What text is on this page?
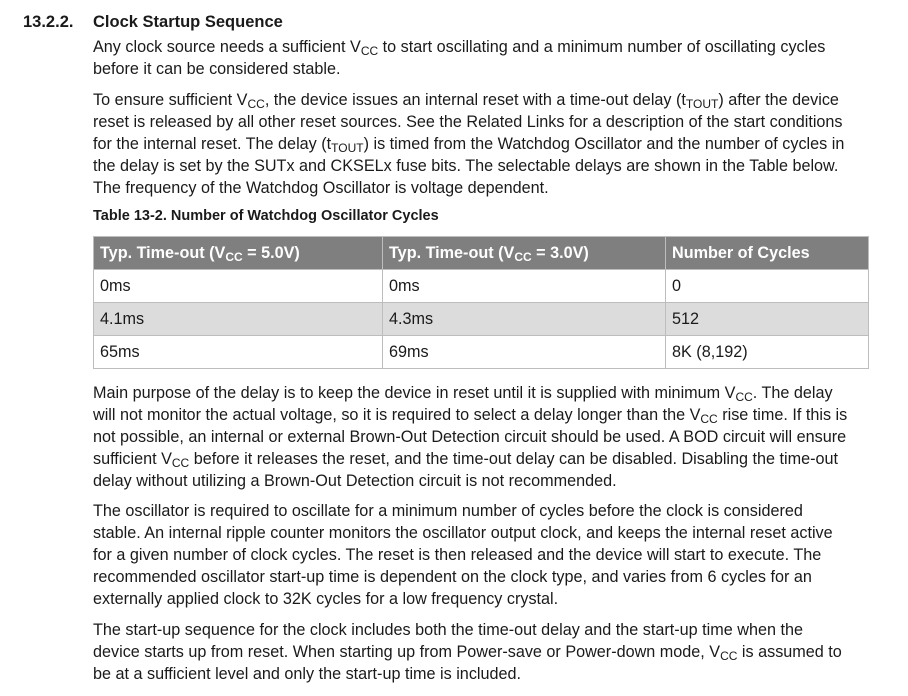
13.2.2. Clock Startup Sequence
Any clock source needs a sufficient $V_{CC}$ to start oscillating and a minimum number of oscillating cycles
before it can be considered stable.
To ensure sufficient $V_{CC}$, the device issues an internal reset with a time-out delay $(t_{TOUT})$ after the device
reset is released by all other reset sources. See the Related Links for a description of the start conditions
for the internal reset. The delay $(t_{TOUT})$ is timed from the Watchdog Oscillator and the number of cycles in
the delay is set by the SUTx and CKSELx fuse bits. The selectable delays are shown in the Table below.
The frequency of the Watchdog Oscillator is voltage dependent.
Table 13-2. Number of Watchdog Oscillator Cycles
Typ. Time-out $(V_{CC} = 5.0V)$	Typ. Time-out $(V_{CC} = 3.0V)$	Number of Cycles
0ms	0ms	0
4.1ms	4.3ms	512
65ms	69ms	8K (8,192)
Main purpose of the delay is to keep the device in reset until it is supplied with minimum $V_{CC}$. The delay
will not monitor the actual voltage, so it is required to select a delay longer than the $V_{CC}$ rise time. If this is
not possible, an internal or external Brown-Out Detection circuit should be used. A BOD circuit will ensure
sufficient $V_{CC}$ before it releases the reset, and the time-out delay can be disabled. Disabling the time-out
delay without utilizing a Brown-Out Detection circuit is not recommended.
The oscillator is required to oscillate for a minimum number of cycles before the clock is considered
stable. An internal ripple counter monitors the oscillator output clock, and keeps the internal reset active
for a given number of clock cycles. The reset is then released and the device will start to execute. The
recommended oscillator start-up time is dependent on the clock type, and varies from 6 cycles for an
externally applied clock to 32K cycles for a low frequency crystal.
The start-up sequence for the clock includes both the time-out delay and the start-up time when the
device starts up from reset. When starting up from Power-save or Power-down mode, $V_{CC}$ is assumed to
be at a sufficient level and only the start-up time is included.
